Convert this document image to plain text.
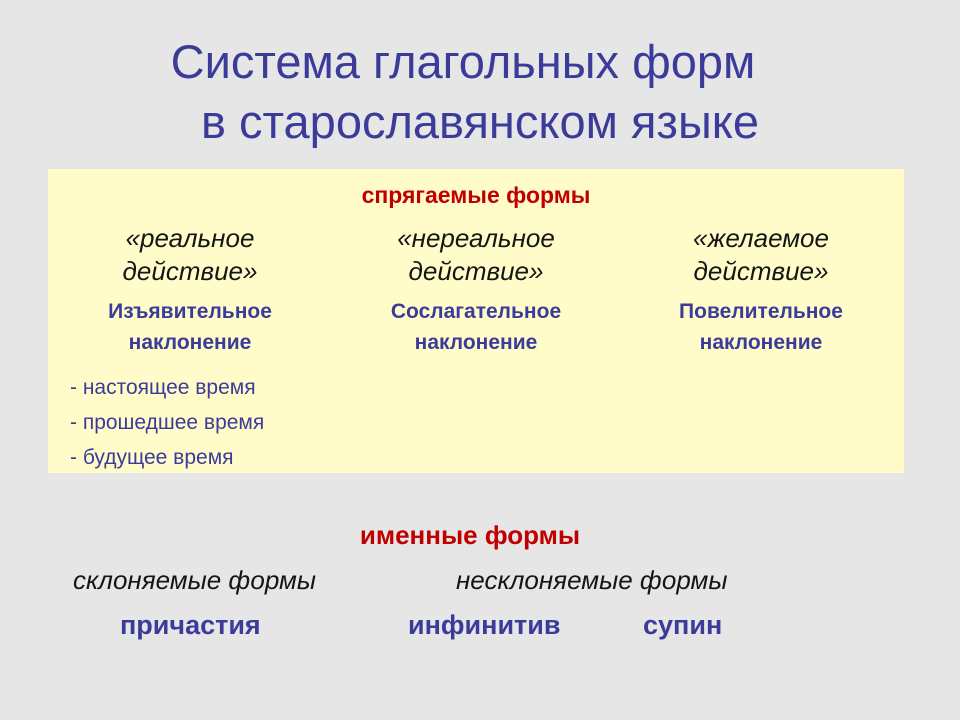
Система глагольных форм
в старославянском языке
спрягаемые формы
«реальное действие»
Изъявительное
наклонение
«нереальное действие»
Сослагательное
наклонение
«желаемое действие»
Повелительное
наклонение
- настоящее время
- прошедшее время
- будущее время
именные формы
склоняемые формы	несклоняемые формы
причастия	инфинитив	супин
